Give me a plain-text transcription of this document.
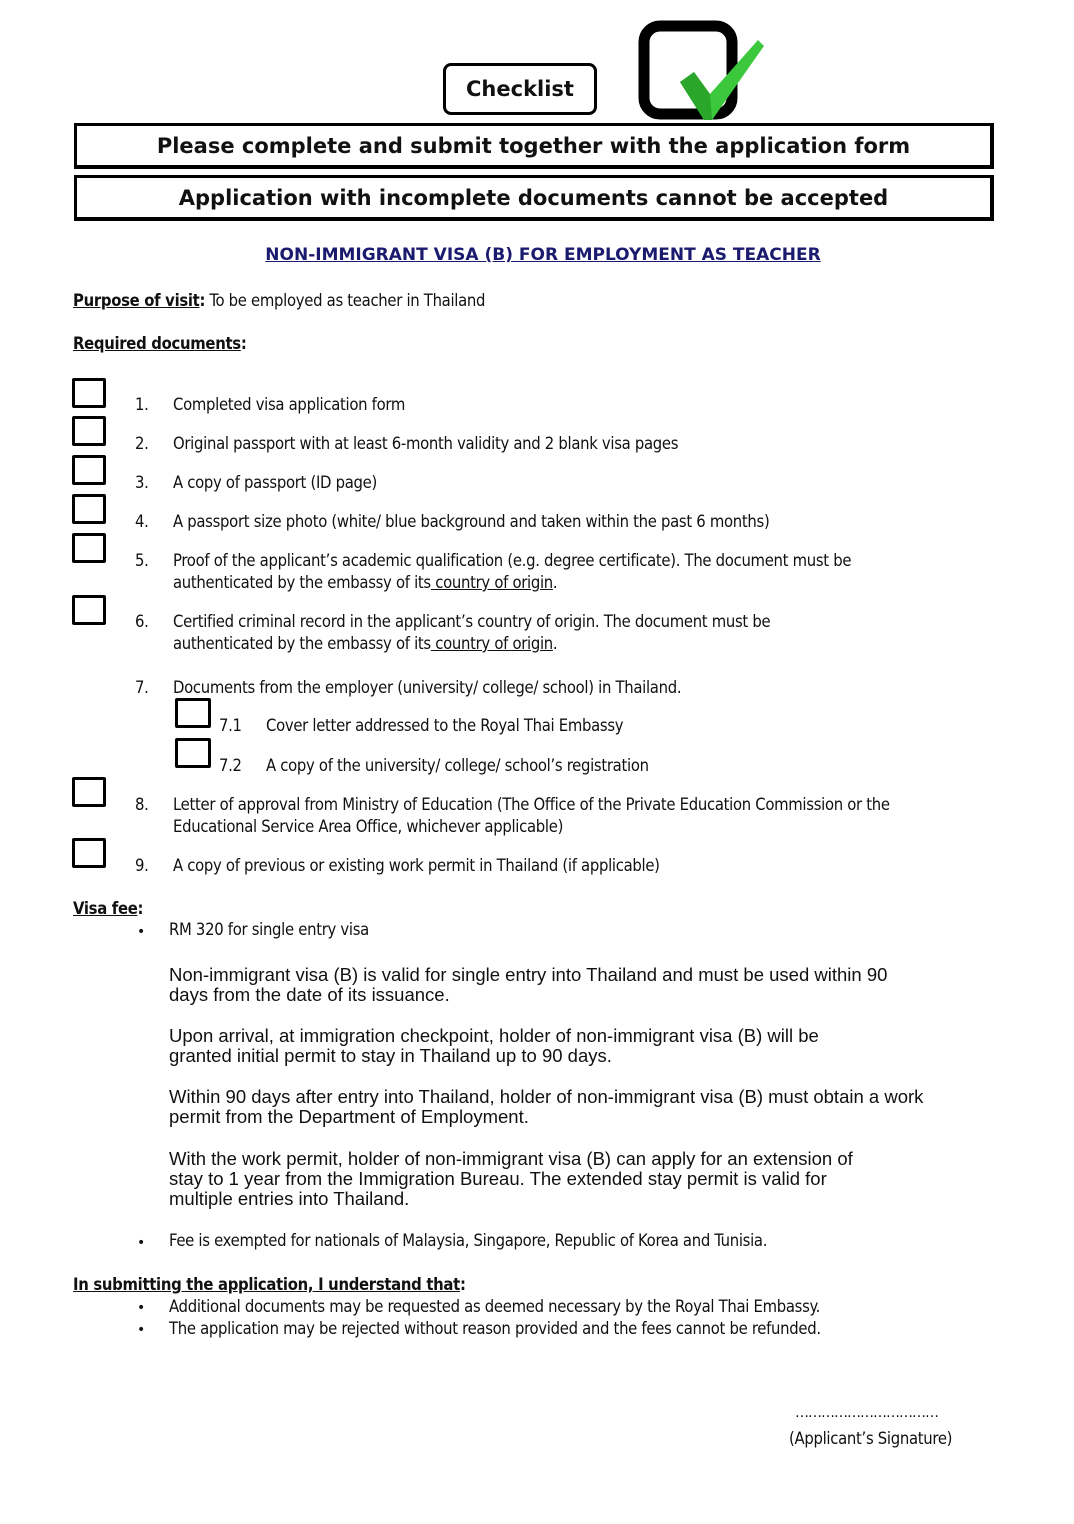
Checklist
Please complete and submit together with the application form
Application with incomplete documents cannot be accepted
NON-IMMIGRANT VISA (B) FOR EMPLOYMENT AS TEACHER
Purpose of visit: To be employed as teacher in Thailand
Required documents:
1.	Completed visa application form
2.	Original passport with at least 6-month validity and 2 blank visa pages
3.	A copy of passport (ID page)
4.	A passport size photo (white/ blue background and taken within the past 6 months)
5.	Proof of the applicant’s academic qualification (e.g. degree certificate). The document must be
authenticated by the embassy of its country of origin.
6.	Certified criminal record in the applicant’s country of origin. The document must be
authenticated by the embassy of its country of origin.
7.	Documents from the employer (university/ college/ school) in Thailand.
7.1 Cover letter addressed to the Royal Thai Embassy
7.2 A copy of the university/ college/ school’s registration
8.	Letter of approval from Ministry of Education (The Office of the Private Education Commission or the
Educational Service Area Office, whichever applicable)
9.	A copy of previous or existing work permit in Thailand (if applicable)
Visa fee:
• RM 320 for single entry visa
Non-immigrant visa (B) is valid for single entry into Thailand and must be used within 90
days from the date of its issuance.
Upon arrival, at immigration checkpoint, holder of non-immigrant visa (B) will be
granted initial permit to stay in Thailand up to 90 days.
Within 90 days after entry into Thailand, holder of non-immigrant visa (B) must obtain a work
permit from the Department of Employment.
With the work permit, holder of non-immigrant visa (B) can apply for an extension of
stay to 1 year from the Immigration Bureau. The extended stay permit is valid for
multiple entries into Thailand.
• Fee is exempted for nationals of Malaysia, Singapore, Republic of Korea and Tunisia.
In submitting the application, I understand that:
• Additional documents may be requested as deemed necessary by the Royal Thai Embassy.
• The application may be rejected without reason provided and the fees cannot be refunded.
……………………………
(Applicant’s Signature)
